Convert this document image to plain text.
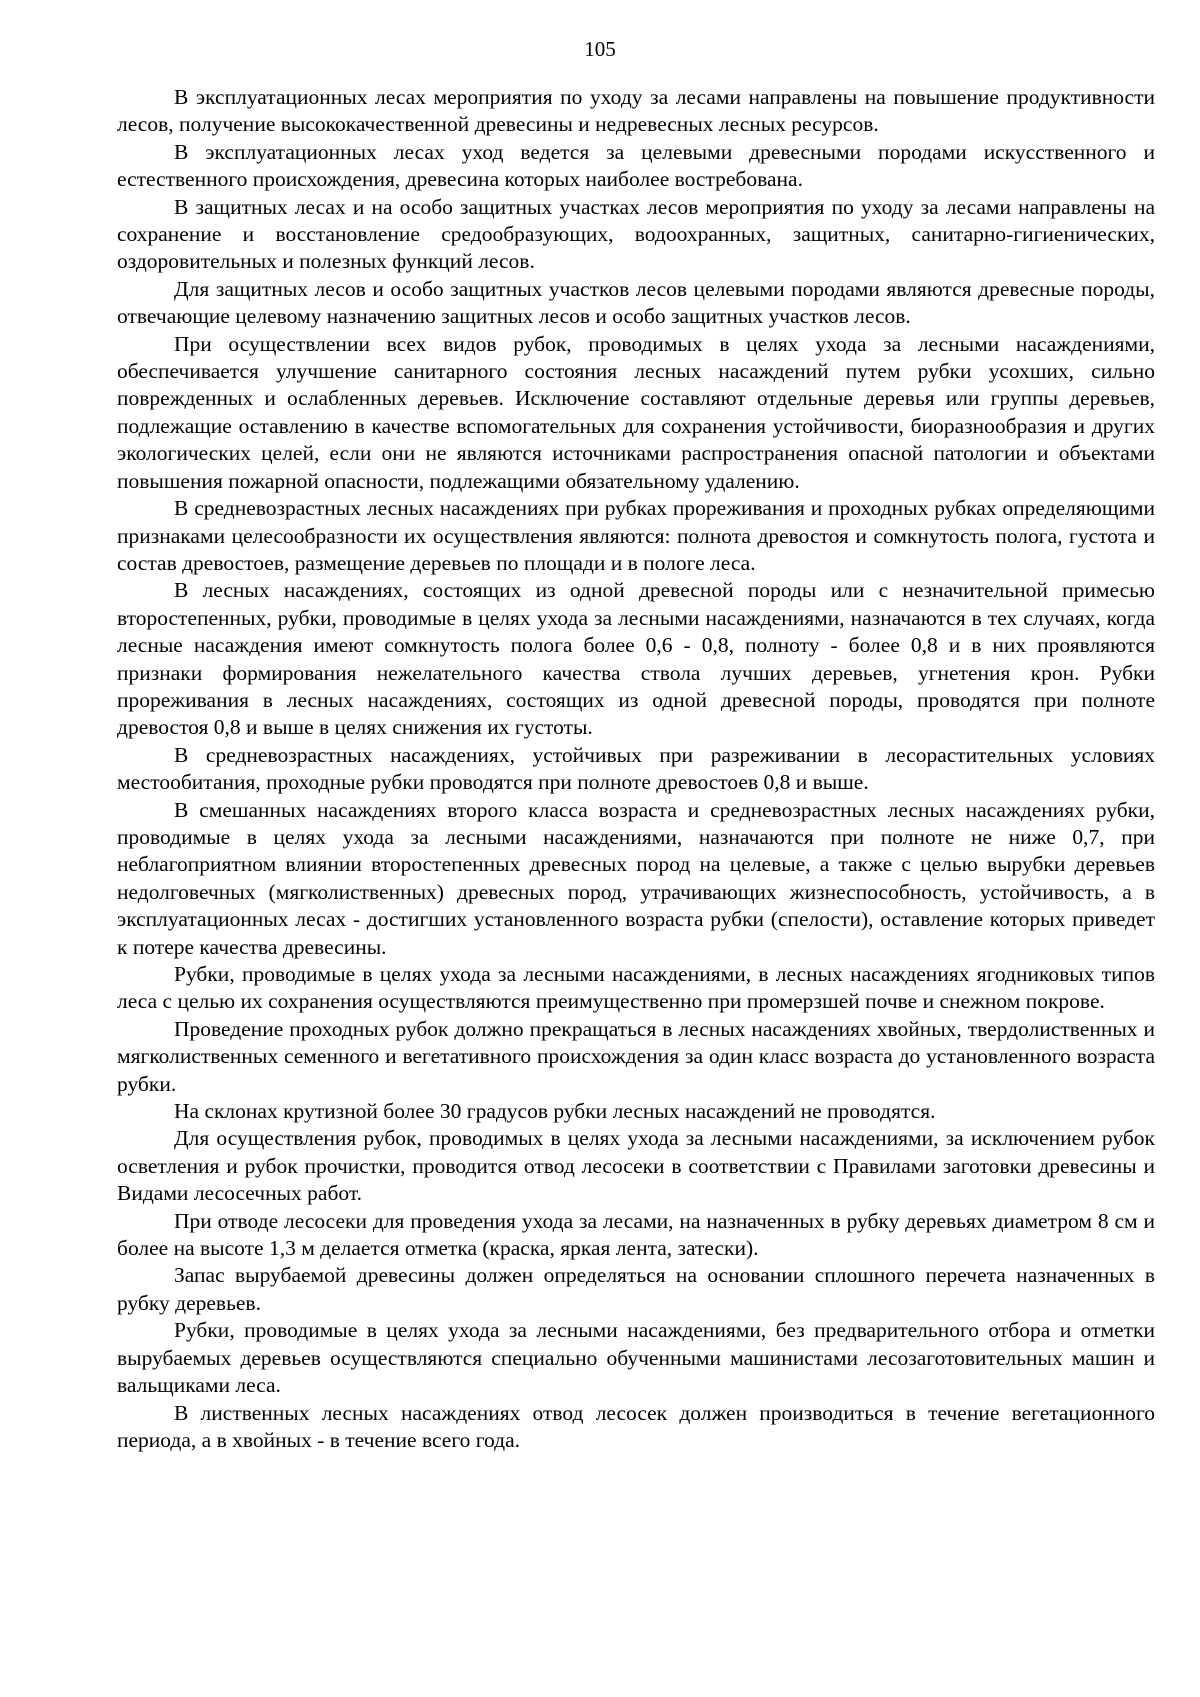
105

В эксплуатационных лесах мероприятия по уходу за лесами направлены на повышение продуктивности лесов, получение высококачественной древесины и недревесных лесных ресурсов.

В эксплуатационных лесах уход ведется за целевыми древесными породами искусственного и естественного происхождения, древесина которых наиболее востребована.

В защитных лесах и на особо защитных участках лесов мероприятия по уходу за лесами направлены на сохранение и восстановление средообразующих, водоохранных, защитных, санитарно-гигиенических, оздоровительных и полезных функций лесов.

Для защитных лесов и особо защитных участков лесов целевыми породами являются древесные породы, отвечающие целевому назначению защитных лесов и особо защитных участков лесов.

При осуществлении всех видов рубок, проводимых в целях ухода за лесными насаждениями, обеспечивается улучшение санитарного состояния лесных насаждений путем рубки усохших, сильно поврежденных и ослабленных деревьев. Исключение составляют отдельные деревья или группы деревьев, подлежащие оставлению в качестве вспомогательных для сохранения устойчивости, биоразнообразия и других экологических целей, если они не являются источниками распространения опасной патологии и объектами повышения пожарной опасности, подлежащими обязательному удалению.

В средневозрастных лесных насаждениях при рубках прореживания и проходных рубках определяющими признаками целесообразности их осуществления являются: полнота древостоя и сомкнутость полога, густота и состав древостоев, размещение деревьев по площади и в пологе леса.

В лесных насаждениях, состоящих из одной древесной породы или с незначительной примесью второстепенных, рубки, проводимые в целях ухода за лесными насаждениями, назначаются в тех случаях, когда лесные насаждения имеют сомкнутость полога более 0,6 - 0,8, полноту - более 0,8 и в них проявляются признаки формирования нежелательного качества ствола лучших деревьев, угнетения крон. Рубки прореживания в лесных насаждениях, состоящих из одной древесной породы, проводятся при полноте древостоя 0,8 и выше в целях снижения их густоты.

В средневозрастных насаждениях, устойчивых при разреживании в лесорастительных условиях местообитания, проходные рубки проводятся при полноте древостоев 0,8 и выше.

В смешанных насаждениях второго класса возраста и средневозрастных лесных насаждениях рубки, проводимые в целях ухода за лесными насаждениями, назначаются при полноте не ниже 0,7, при неблагоприятном влиянии второстепенных древесных пород на целевые, а также с целью вырубки деревьев недолговечных (мягколиственных) древесных пород, утрачивающих жизнеспособность, устойчивость, а в эксплуатационных лесах - достигших установленного возраста рубки (спелости), оставление которых приведет к потере качества древесины.

Рубки, проводимые в целях ухода за лесными насаждениями, в лесных насаждениях ягодниковых типов леса с целью их сохранения осуществляются преимущественно при промерзшей почве и снежном покрове.

Проведение проходных рубок должно прекращаться в лесных насаждениях хвойных, твердолиственных и мягколиственных семенного и вегетативного происхождения за один класс возраста до установленного возраста рубки.

На склонах крутизной более 30 градусов рубки лесных насаждений не проводятся.

Для осуществления рубок, проводимых в целях ухода за лесными насаждениями, за исключением рубок осветления и рубок прочистки, проводится отвод лесосеки в соответствии с Правилами заготовки древесины и Видами лесосечных работ.

При отводе лесосеки для проведения ухода за лесами, на назначенных в рубку деревьях диаметром 8 см и более на высоте 1,3 м делается отметка (краска, яркая лента, затески).

Запас вырубаемой древесины должен определяться на основании сплошного перечета назначенных в рубку деревьев.

Рубки, проводимые в целях ухода за лесными насаждениями, без предварительного отбора и отметки вырубаемых деревьев осуществляются специально обученными машинистами лесозаготовительных машин и вальщиками леса.

В лиственных лесных насаждениях отвод лесосек должен производиться в течение вегетационного периода, а в хвойных - в течение всего года.
